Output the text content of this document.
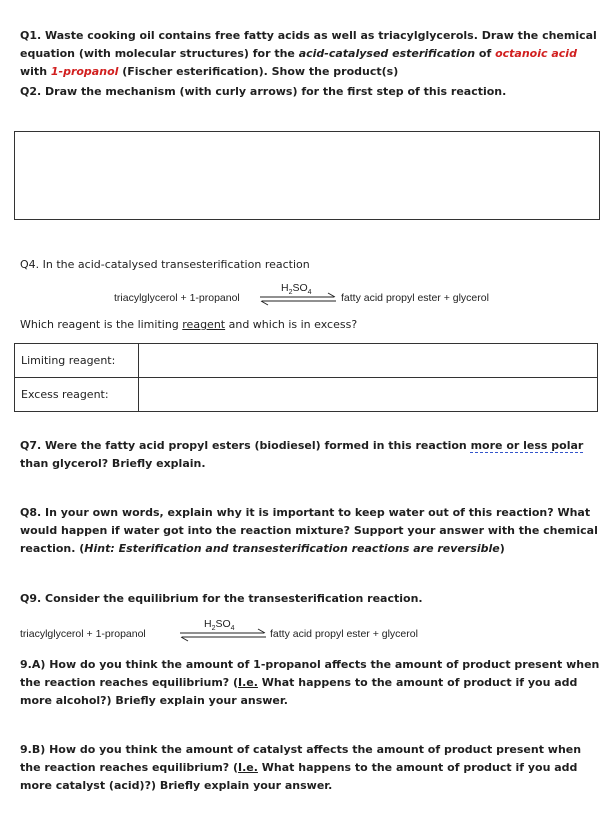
Q1. Waste cooking oil contains free fatty acids as well as triacylglycerols. Draw the chemical equation (with molecular structures) for the acid-catalysed esterification of octanoic acid with 1-propanol (Fischer esterification). Show the product(s)
Q2. Draw the mechanism (with curly arrows) for the first step of this reaction.
Q4. In the acid-catalysed transesterification reaction
$H_2SO_4$
triacylglycerol + 1-propanol	fatty acid propyl ester + glycerol
Which reagent is the limiting reagent and which is in excess?
Limiting reagent:	
Excess reagent:	
Q7. Were the fatty acid propyl esters (biodiesel) formed in this reaction more or less polar than glycerol? Briefly explain.
Q8. In your own words, explain why it is important to keep water out of this reaction? What would happen if water got into the reaction mixture? Support your answer with the chemical reaction. (Hint: Esterification and transesterification reactions are reversible)
Q9. Consider the equilibrium for the transesterification reaction.
$H_2SO_4$
triacylglycerol + 1-propanol	fatty acid propyl ester + glycerol
9.A) How do you think the amount of 1-propanol affects the amount of product present when the reaction reaches equilibrium? (I.e. What happens to the amount of product if you add more alcohol?) Briefly explain your answer.
9.B) How do you think the amount of catalyst affects the amount of product present when the reaction reaches equilibrium? (I.e. What happens to the amount of product if you add more catalyst (acid)?) Briefly explain your answer.
